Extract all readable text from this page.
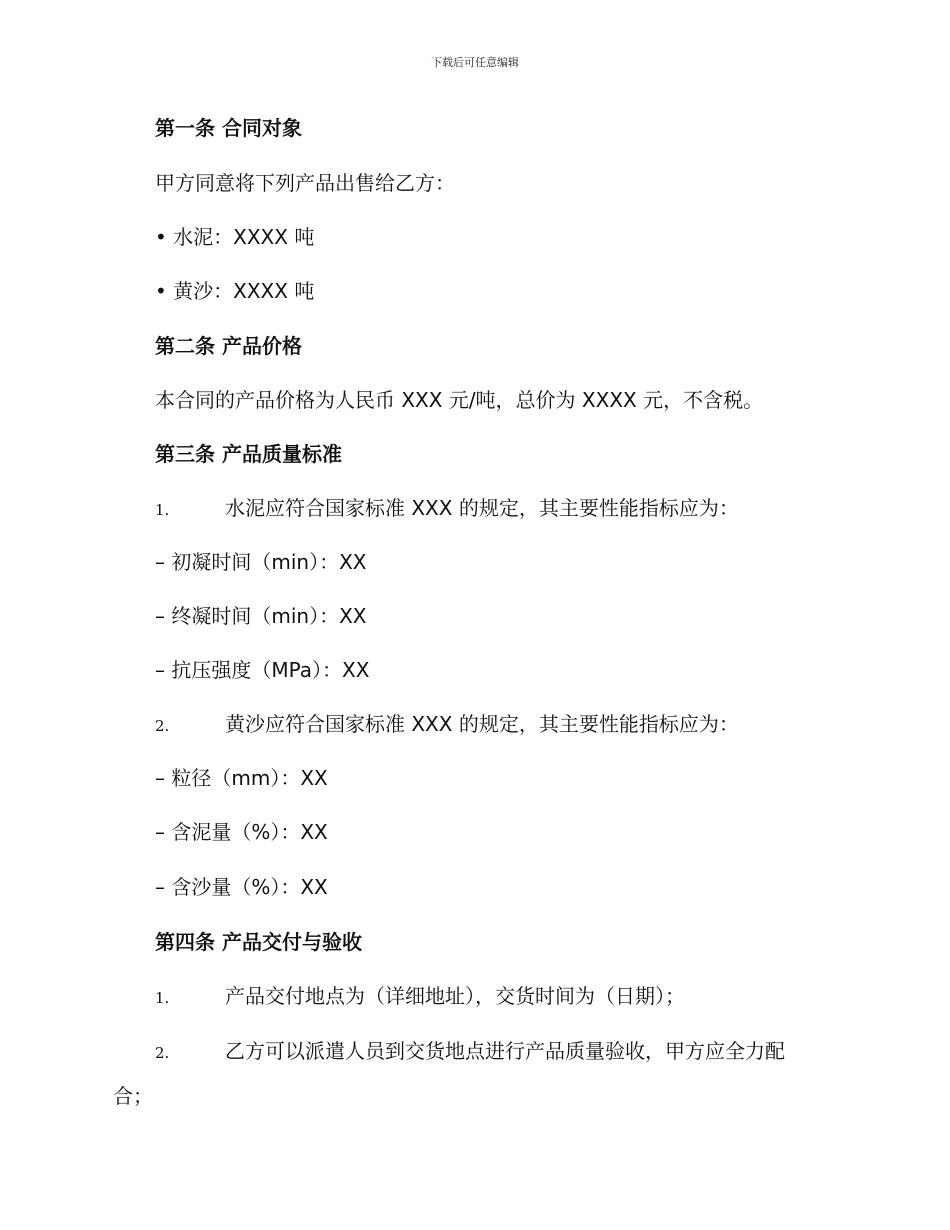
下载后可任意编辑
第一条 合同对象
甲方同意将下列产品出售给乙方：
• 水泥：XXXX 吨
• 黄沙：XXXX 吨
第二条 产品价格
本合同的产品价格为人民币 XXX 元/吨，总价为 XXXX 元，不含税。
第三条 产品质量标准
1.	水泥应符合国家标准 XXX 的规定，其主要性能指标应为：
– 初凝时间（min）：XX
– 终凝时间（min）：XX
– 抗压强度（MPa）：XX
2.	黄沙应符合国家标准 XXX 的规定，其主要性能指标应为：
– 粒径（mm）：XX
– 含泥量（%）：XX
– 含沙量（%）：XX
第四条 产品交付与验收
1.	产品交付地点为（详细地址），交货时间为（日期）；
2.	乙方可以派遣人员到交货地点进行产品质量验收，甲方应全力配
合；
